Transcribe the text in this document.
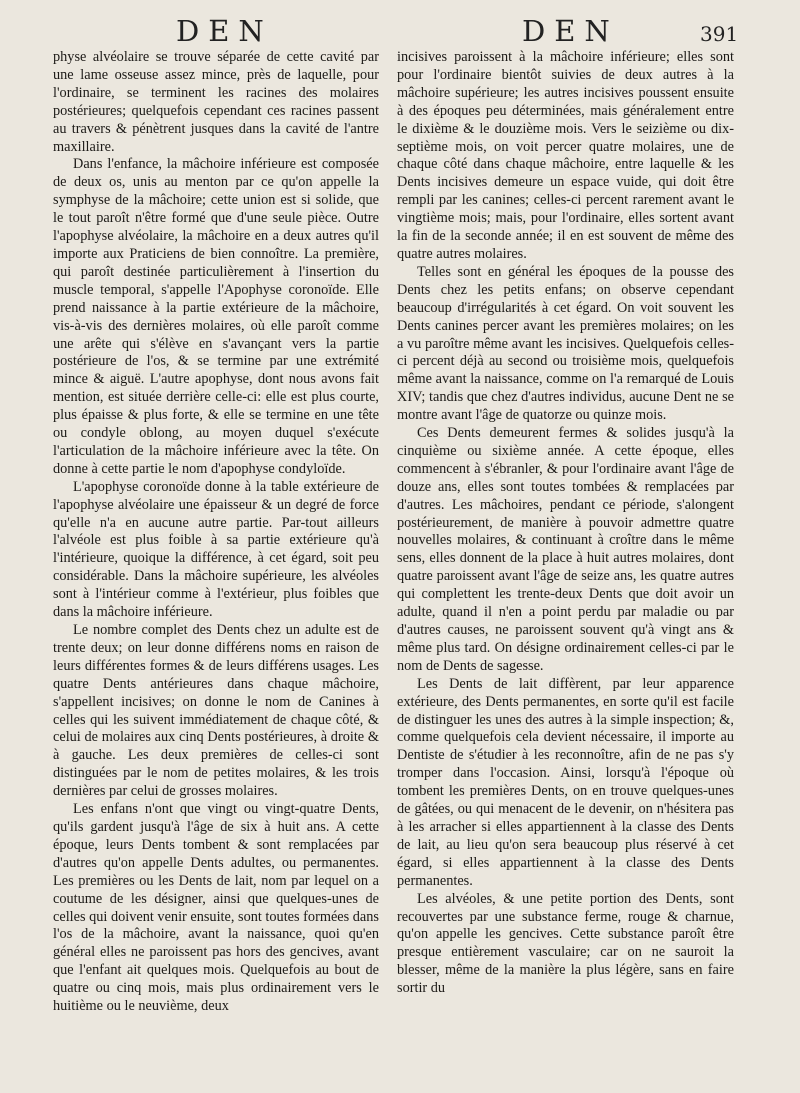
DEN	DEN	391

physe alvéolaire se trouve séparée de cette cavité par une lame osseuse assez mince, près de laquelle, pour l'ordinaire, se terminent les racines des molaires postérieures; quelquefois cependant ces racines passent au travers & pénètrent jusques dans la cavité de l'antre maxillaire.

Dans l'enfance, la mâchoire inférieure est composée de deux os, unis au menton par ce qu'on appelle la symphyse de la mâchoire; cette union est si solide, que le tout paroît n'être formé que d'une seule pièce. Outre l'apophyse alvéolaire, la mâchoire en a deux autres qu'il importe aux Praticiens de bien connoître. La première, qui paroît destinée particulièrement à l'insertion du muscle temporal, s'appelle l'Apophyse coronoïde. Elle prend naissance à la partie extérieure de la mâchoire, vis-à-vis des dernières molaires, où elle paroît comme une arête qui s'élève en s'avançant vers la partie postérieure de l'os, & se termine par une extrémité mince & aiguë. L'autre apophyse, dont nous avons fait mention, est située derrière celle-ci: elle est plus courte, plus épaisse & plus forte, & elle se termine en une tête ou condyle oblong, au moyen duquel s'exécute l'articulation de la mâchoire inférieure avec la tête. On donne à cette partie le nom d'apophyse condyloïde.

L'apophyse coronoïde donne à la table extérieure de l'apophyse alvéolaire une épaisseur & un degré de force qu'elle n'a en aucune autre partie. Par-tout ailleurs l'alvéole est plus foible à sa partie extérieure qu'à l'intérieure, quoique la différence, à cet égard, soit peu considérable. Dans la mâchoire supérieure, les alvéoles sont à l'intérieur comme à l'extérieur, plus foibles que dans la mâchoire inférieure.

Le nombre complet des Dents chez un adulte est de trente deux; on leur donne différens noms en raison de leurs différentes formes & de leurs différens usages. Les quatre Dents antérieures dans chaque mâchoire, s'appellent incisives; on donne le nom de Canines à celles qui les suivent immédiatement de chaque côté, & celui de molaires aux cinq Dents postérieures, à droite & à gauche. Les deux premières de celles-ci sont distinguées par le nom de petites molaires, & les trois dernières par celui de grosses molaires.

Les enfans n'ont que vingt ou vingt-quatre Dents, qu'ils gardent jusqu'à l'âge de six à huit ans. A cette époque, leurs Dents tombent & sont remplacées par d'autres qu'on appelle Dents adultes, ou permanentes. Les premières ou les Dents de lait, nom par lequel on a coutume de les désigner, ainsi que quelques-unes de celles qui doivent venir ensuite, sont toutes formées dans l'os de la mâchoire, avant la naissance, quoi qu'en général elles ne paroissent pas hors des gencives, avant que l'enfant ait quelques mois. Quelquefois au bout de quatre ou cinq mois, mais plus ordinairement vers le huitième ou le neuvième, deux

incisives paroissent à la mâchoire inférieure; elles sont pour l'ordinaire bientôt suivies de deux autres à la mâchoire supérieure; les autres incisives poussent ensuite à des époques peu déterminées, mais généralement entre le dixième & le douzième mois. Vers le seizième ou dix-septième mois, on voit percer quatre molaires, une de chaque côté dans chaque mâchoire, entre laquelle & les Dents incisives demeure un espace vuide, qui doit être rempli par les canines; celles-ci percent rarement avant le vingtième mois; mais, pour l'ordinaire, elles sortent avant la fin de la seconde année; il en est souvent de même des quatre autres molaires.

Telles sont en général les époques de la pousse des Dents chez les petits enfans; on observe cependant beaucoup d'irrégularités à cet égard. On voit souvent les Dents canines percer avant les premières molaires; on les a vu paroître même avant les incisives. Quelquefois celles-ci percent déjà au second ou troisième mois, quelquefois même avant la naissance, comme on l'a remarqué de Louis XIV; tandis que chez d'autres individus, aucune Dent ne se montre avant l'âge de quatorze ou quinze mois.

Ces Dents demeurent fermes & solides jusqu'à la cinquième ou sixième année. A cette époque, elles commencent à s'ébranler, & pour l'ordinaire avant l'âge de douze ans, elles sont toutes tombées & remplacées par d'autres. Les mâchoires, pendant ce période, s'alongent postérieurement, de manière à pouvoir admettre quatre nouvelles molaires, & continuant à croître dans le même sens, elles donnent de la place à huit autres molaires, dont quatre paroissent avant l'âge de seize ans, les quatre autres qui complettent les trente-deux Dents que doit avoir un adulte, quand il n'en a point perdu par maladie ou par d'autres causes, ne paroissent souvent qu'à vingt ans & même plus tard. On désigne ordinairement celles-ci par le nom de Dents de sagesse.

Les Dents de lait diffèrent, par leur apparence extérieure, des Dents permanentes, en sorte qu'il est facile de distinguer les unes des autres à la simple inspection; &, comme quelquefois cela devient nécessaire, il importe au Dentiste de s'étudier à les reconnoître, afin de ne pas s'y tromper dans l'occasion. Ainsi, lorsqu'à l'époque où tombent les premières Dents, on en trouve quelques-unes de gâtées, ou qui menacent de le devenir, on n'hésitera pas à les arracher si elles appartiennent à la classe des Dents de lait, au lieu qu'on sera beaucoup plus réservé à cet égard, si elles appartiennent à la classe des Dents permanentes.

Les alvéoles, & une petite portion des Dents, sont recouvertes par une substance ferme, rouge & charnue, qu'on appelle les gencives. Cette substance paroît être presque entièrement vasculaire; car on ne sauroit la blesser, même de la manière la plus légère, sans en faire sortir du
